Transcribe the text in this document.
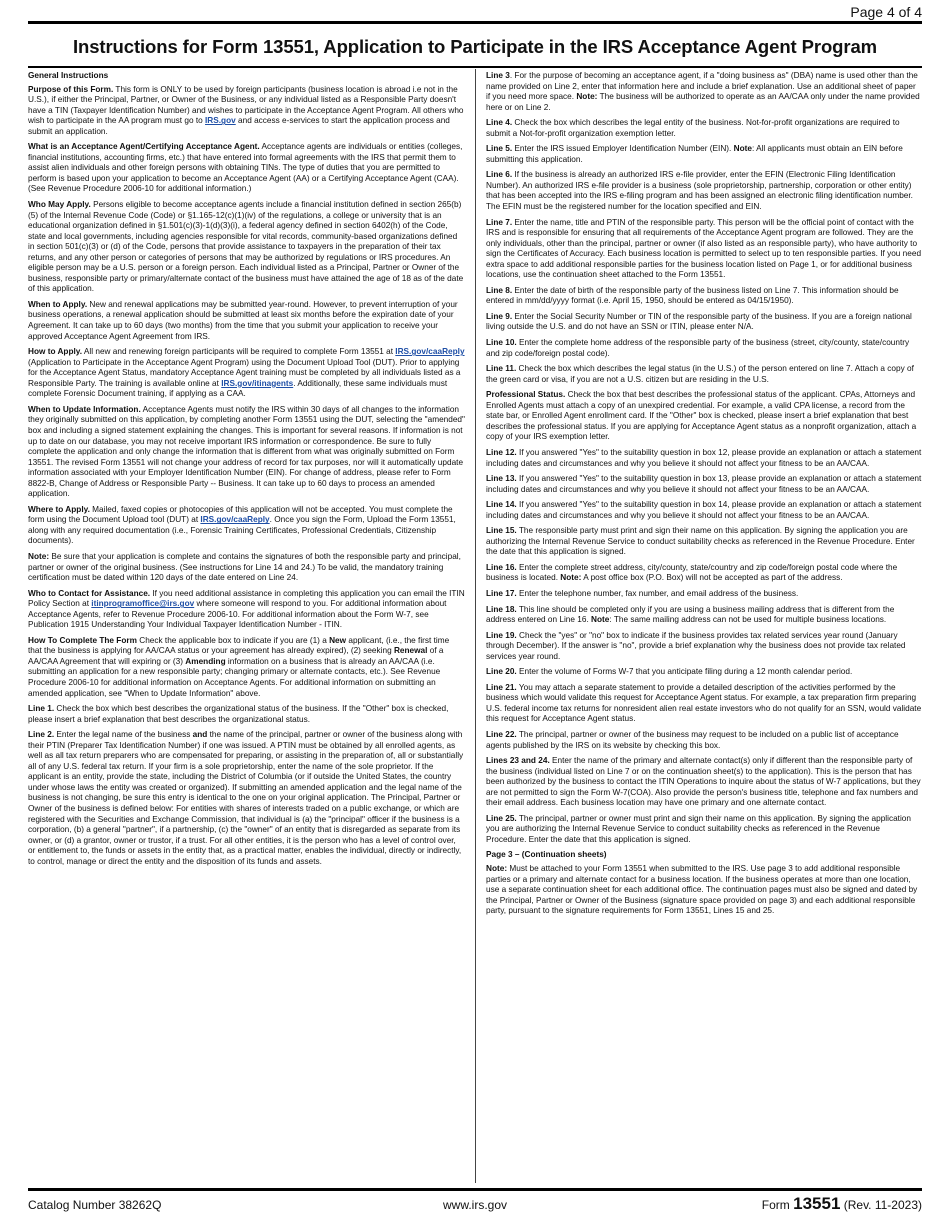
Page 4 of 4
Instructions for Form 13551, Application to Participate in the IRS Acceptance Agent Program

General Instructions

Purpose of this Form. This form is ONLY to be used by foreign participants (business location is abroad i.e not in the U.S.), if either the Principal, Partner, or Owner of the Business, or any individual listed as a Responsible Party doesn't have a TIN (Taxpayer Identification Number) and wishes to participate in the Acceptance Agent Program. All others who wish to participate in the AA program must go to IRS.gov and access e-services to start the application process and submit an application.

What is an Acceptance Agent/Certifying Acceptance Agent. Acceptance agents are individuals or entities (colleges, financial institutions, accounting firms, etc.) that have entered into formal agreements with the IRS that permit them to assist alien individuals and other foreign persons with obtaining TINs. The type of duties that you are permitted to perform is based upon your application to become an Acceptance Agent (AA) or a Certifying Acceptance Agent (CAA). (See Revenue Procedure 2006-10 for additional information.)

Who May Apply. Persons eligible to become acceptance agents include a financial institution defined in section 265(b)(5) of the Internal Revenue Code (Code) or §1.165-12(c)(1)(iv) of the regulations, a college or university that is an educational organization defined in §1.501(c)(3)-1(d)(3)(i), a federal agency defined in section 6402(h) of the Code, state and local governments, including agencies responsible for vital records, community-based organizations defined in section 501(c)(3) or (d) of the Code, persons that provide assistance to taxpayers in the preparation of their tax returns, and any other person or categories of persons that may be authorized by regulations or IRS procedures. An eligible person may be a U.S. person or a foreign person. Each individual listed as a Principal, Partner or Owner of the business, responsible party or primary/alternate contact of the business must have attained the age of 18 as of the date of this application.

When to Apply. New and renewal applications may be submitted year-round. However, to prevent interruption of your business operations, a renewal application should be submitted at least six months before the expiration date of your Agreement. It can take up to 60 days (two months) from the time that you submit your application to receive your approved Acceptance Agent Agreement from IRS.

How to Apply. All new and renewing foreign participants will be required to complete Form 13551 at IRS.gov/caaReply (Application to Participate in the Acceptance Agent Program) using the Document Upload Tool (DUT). Prior to applying for the Acceptance Agent Status, mandatory Acceptance Agent training must be completed by all individuals listed as a Responsible Party. The training is available online at IRS.gov/itinagents. Additionally, these same individuals must complete Forensic Document training, if applying as a CAA.

When to Update Information. Acceptance Agents must notify the IRS within 30 days of all changes to the information they originally submitted on this application, by completing another Form 13551 using the DUT, selecting the "amended" box and including a signed statement explaining the changes. This is important for several reasons. If information is not up to date on our database, you may not receive important IRS information or correspondence. Be sure to fully complete the application and only change the information that is different from what was originally submitted on Form 13551. The revised Form 13551 will not change your address of record for tax purposes, nor will it automatically update information associated with your Employer Identification Number (EIN). For change of address, please refer to Form 8822-B, Change of Address or Responsible Party -- Business. It can take up to 60 days to process an amended application.

Where to Apply. Mailed, faxed copies or photocopies of this application will not be accepted. You must complete the form using the Document Upload tool (DUT) at IRS.gov/caaReply. Once you sign the Form, Upload the Form 13551, along with any required documentation (i.e., Forensic Training Certificates, Professional Credentials, Citizenship documents).

Note: Be sure that your application is complete and contains the signatures of both the responsible party and principal, partner or owner of the original business. (See instructions for Line 14 and 24.) To be valid, the mandatory training certification must be dated within 120 days of the date entered on Line 24.

Who to Contact for Assistance. If you need additional assistance in completing this application you can email the ITIN Policy Section at itinprogramoffice@irs.gov where someone will respond to you. For additional information about Acceptance Agents, refer to Revenue Procedure 2006-10. For additional information about the Form W-7, see Publication 1915 Understanding Your Individual Taxpayer Identification Number - ITIN.

How To Complete The Form Check the applicable box to indicate if you are (1) a New applicant, (i.e., the first time that the business is applying for AA/CAA status or your agreement has already expired), (2) seeking Renewal of a AA/CAA Agreement that will expiring or (3) Amending information on a business that is already an AA/CAA (i.e. submitting an application for a new responsible party; changing primary or alternate contacts, etc.). See Revenue Procedure 2006-10 for additional information on Acceptance Agents. For additional information on submitting an amended application, see "When to Update Information" above.

Line 1. Check the box which best describes the organizational status of the business. If the "Other" box is checked, please insert a brief explanation that best describes the organizational status.

Line 2. Enter the legal name of the business and the name of the principal, partner or owner of the business along with their PTIN (Preparer Tax Identification Number) if one was issued. A PTIN must be obtained by all enrolled agents, as well as all tax return preparers who are compensated for preparing, or assisting in the preparation of, all or substantially all of any U.S. federal tax return. If your firm is a sole proprietorship, enter the name of the sole proprietor. If the applicant is an entity, provide the state, including the District of Columbia (or if outside the United States, the country under whose laws the entity was created or organized). If submitting an amended application and the legal name of the business is not changing, be sure this entry is identical to the one on your original application. The Principal, Partner or Owner of the business is defined below: For entities with shares of interests traded on a public exchange, or which are registered with the Securities and Exchange Commission, that individual is (a) the "principal" officer if the business is a corporation, (b) a general "partner", if a partnership, (c) the "owner" of an entity that is disregarded as separate from its owner, or (d) a grantor, owner or trustor, if a trust. For all other entities, it is the person who has a level of control over, or entitlement to, the funds or assets in the entity that, as a practical matter, enables the individual, directly or indirectly, to control, manage or direct the entity and the disposition of its funds and assets.

Line 3. For the purpose of becoming an acceptance agent, if a "doing business as" (DBA) name is used other than the name provided on Line 2, enter that information here and include a brief explanation. Use an additional sheet of paper if you need more space. Note: The business will be authorized to operate as an AA/CAA only under the name provided here or on Line 2.

Line 4. Check the box which describes the legal entity of the business. Not-for-profit organizations are required to submit a Not-for-profit organization exemption letter.

Line 5. Enter the IRS issued Employer Identification Number (EIN). Note: All applicants must obtain an EIN before submitting this application.

Line 6. If the business is already an authorized IRS e-file provider, enter the EFIN (Electronic Filing Identification Number). An authorized IRS e-file provider is a business (sole proprietorship, partnership, corporation or other entity) that has been accepted into the IRS e-filing program and has been assigned an electronic filing identification number. The EFIN must be the registered number for the location specified and EIN.

Line 7. Enter the name, title and PTIN of the responsible party. This person will be the official point of contact with the IRS and is responsible for ensuring that all requirements of the Acceptance Agent program are followed. They are the only individuals, other than the principal, partner or owner (if also listed as an responsible party), who have authority to sign the Certificates of Accuracy. Each business location is permitted to select up to ten responsible parties. If you need extra space to add additional responsible parties for the business location listed on Page 1, or for additional business locations, use the continuation sheet attached to the Form 13551.

Line 8. Enter the date of birth of the responsible party of the business listed on Line 7. This information should be entered in mm/dd/yyyy format (i.e. April 15, 1950, should be entered as 04/15/1950).

Line 9. Enter the Social Security Number or TIN of the responsible party of the business. If you are a foreign national living outside the U.S. and do not have an SSN or ITIN, please enter N/A.

Line 10. Enter the complete home address of the responsible party of the business (street, city/county, state/country and zip code/foreign postal code).

Line 11. Check the box which describes the legal status (in the U.S.) of the person entered on line 7. Attach a copy of the green card or visa, if you are not a U.S. citizen but are residing in the U.S.

Professional Status. Check the box that best describes the professional status of the applicant. CPAs, Attorneys and Enrolled Agents must attach a copy of an unexpired credential. For example, a valid CPA license, a record from the state bar, or Enrolled Agent enrollment card. If the "Other" box is checked, please insert a brief explanation that best describes the professional status. If you are applying for Acceptance Agent status as a nonprofit organization, attach a copy of your IRS exemption letter.

Line 12. If you answered "Yes" to the suitability question in box 12, please provide an explanation or attach a statement including dates and circumstances and why you believe it should not affect your fitness to be an AA/CAA.

Line 13. If you answered "Yes" to the suitability question in box 13, please provide an explanation or attach a statement including dates and circumstances and why you believe it should not affect your fitness to be an AA/CAA.

Line 14. If you answered "Yes" to the suitability question in box 14, please provide an explanation or attach a statement including dates and circumstances and why you believe it should not affect your fitness to be an AA/CAA.

Line 15. The responsible party must print and sign their name on this application. By signing the application you are authorizing the Internal Revenue Service to conduct suitability checks as referenced in the Revenue Procedure. Enter the date that this application is signed.

Line 16. Enter the complete street address, city/county, state/country and zip code/foreign postal code where the business is located. Note: A post office box (P.O. Box) will not be accepted as part of the address.

Line 17. Enter the telephone number, fax number, and email address of the business.

Line 18. This line should be completed only if you are using a business mailing address that is different from the address entered on Line 16. Note: The same mailing address can not be used for multiple business locations.

Line 19. Check the "yes" or "no" box to indicate if the business provides tax related services year round (January through December). If the answer is "no", provide a brief explanation why the business does not provide tax related services year round.

Line 20. Enter the volume of Forms W-7 that you anticipate filing during a 12 month calendar period.

Line 21. You may attach a separate statement to provide a detailed description of the activities performed by the business which would validate this request for Acceptance Agent status. For example, a tax preparation firm preparing U.S. federal income tax returns for nonresident alien real estate investors who do not qualify for an SSN, would validate this request for Acceptance Agent status.

Line 22. The principal, partner or owner of the business may request to be included on a public list of acceptance agents published by the IRS on its website by checking this box.

Lines 23 and 24. Enter the name of the primary and alternate contact(s) only if different than the responsible party of the business (individual listed on Line 7 or on the continuation sheet(s) to the application). This is the person that has been authorized by the business to contact the ITIN Operations to inquire about the status of W-7 applications, but they are not permitted to sign the Form W-7(COA). Also provide the person's business title, telephone and fax numbers and their email address. Each business location may have one primary and one alternate contact.

Line 25. The principal, partner or owner must print and sign their name on this application. By signing the application you are authorizing the Internal Revenue Service to conduct suitability checks as referenced in the Revenue Procedure. Enter the date that this application is signed.

Page 3 – (Continuation sheets)

Note: Must be attached to your Form 13551 when submitted to the IRS. Use page 3 to add additional responsible parties or a primary and alternate contact for a business location. If the business operates at more than one location, use a separate continuation sheet for each additional office. The continuation pages must also be signed and dated by the Principal, Partner or Owner of the Business (signature space provided on page 3) and each additional responsible party, pursuant to the signature requirements for Form 13551, Lines 15 and 25.

Catalog Number 38262Q	www.irs.gov	Form 13551 (Rev. 11-2023)
